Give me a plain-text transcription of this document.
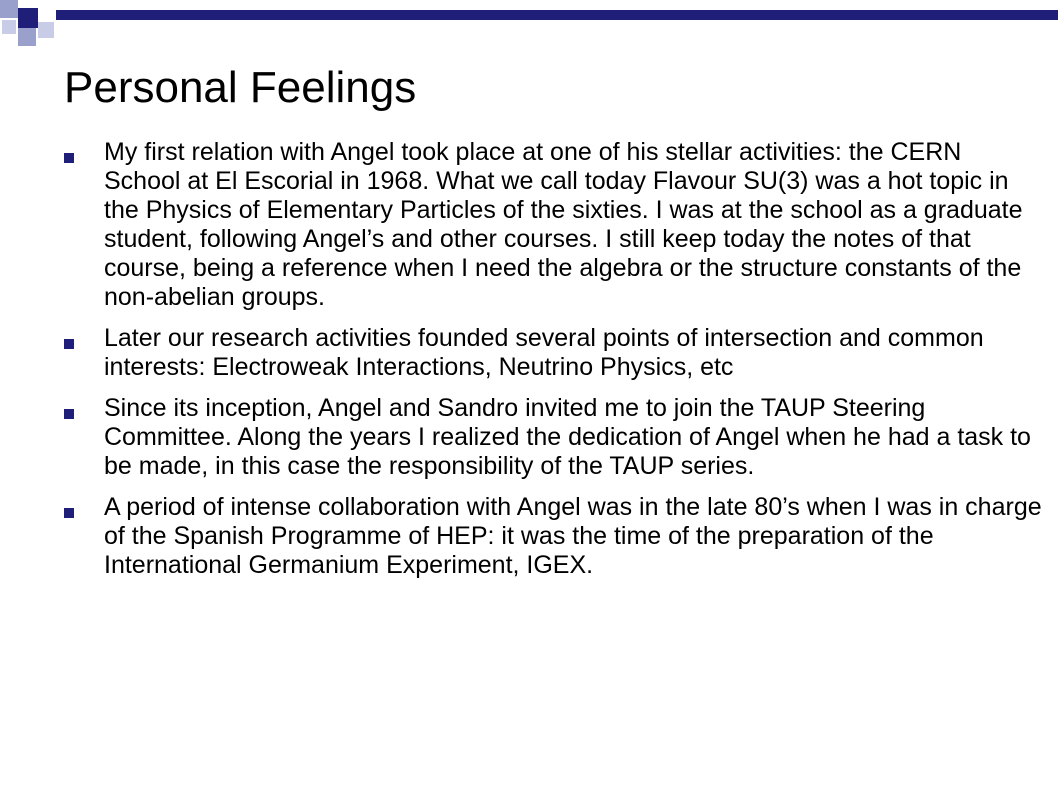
Personal Feelings
My first relation with Angel took place at one of his stellar activities: the CERN School at El Escorial in 1968. What we call today Flavour SU(3) was a hot topic in the Physics of Elementary Particles of the sixties. I was at the school as a graduate student, following Angel’s and other courses. I still keep today the notes of that course, being a reference when I need the algebra or the structure constants of the non-abelian groups.
Later our research activities founded several points of intersection and common interests: Electroweak Interactions, Neutrino Physics, etc
Since its inception, Angel and Sandro invited me to join the TAUP Steering Committee. Along the years I realized the dedication of Angel when he had a task to be made, in this case the responsibility of the TAUP series.
A period of intense collaboration with Angel was in the late 80’s when I was in charge of the Spanish Programme of HEP: it was the time of the preparation of the International Germanium Experiment, IGEX.
